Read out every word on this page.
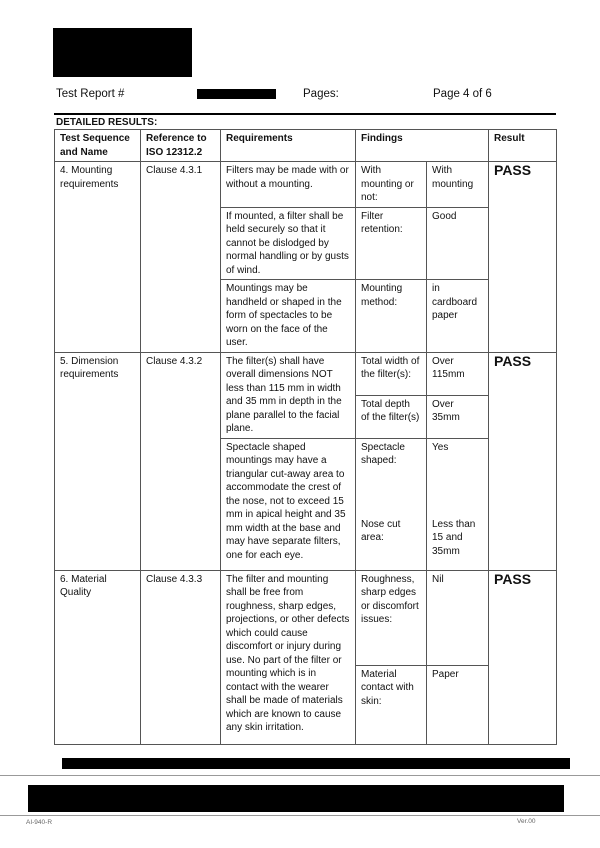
Test Report #	Pages:	Page 4 of 6
DETAILED RESULTS:
Test Sequence and Name	Reference to ISO 12312.2	Requirements	Findings		Result
4. Mounting requirements	Clause 4.3.1	Filters may be made with or without a mounting.	With mounting or not:	With mounting	PASS
		If mounted, a filter shall be held securely so that it cannot be dislodged by normal handling or by gusts of wind.	Filter retention:	Good	
		Mountings may be handheld or shaped in the form of spectacles to be worn on the face of the user.	Mounting method:	in cardboard paper	
5. Dimension requirements	Clause 4.3.2	The filter(s) shall have overall dimensions NOT less than 115 mm in width and 35 mm in depth in the plane parallel to the facial plane.	Total width of the filter(s):	Over 115mm	PASS
			Total depth of the filter(s)	Over 35mm	
		Spectacle shaped mountings may have a triangular cut-away area to accommodate the crest of the nose, not to exceed 15 mm in apical height and 35 mm width at the base and may have separate filters, one for each eye.	Spectacle shaped:	Yes	
			Nose cut area:	Less than 15 and 35mm	
6. Material Quality	Clause 4.3.3	The filter and mounting shall be free from roughness, sharp edges, projections, or other defects which could cause discomfort or injury during use. No part of the filter or mounting which is in contact with the wearer shall be made of materials which are known to cause any skin irritation.	Roughness, sharp edges or discomfort issues:	Nil	PASS
			Material contact with skin:	Paper	
AI-940-R	Ver.00
